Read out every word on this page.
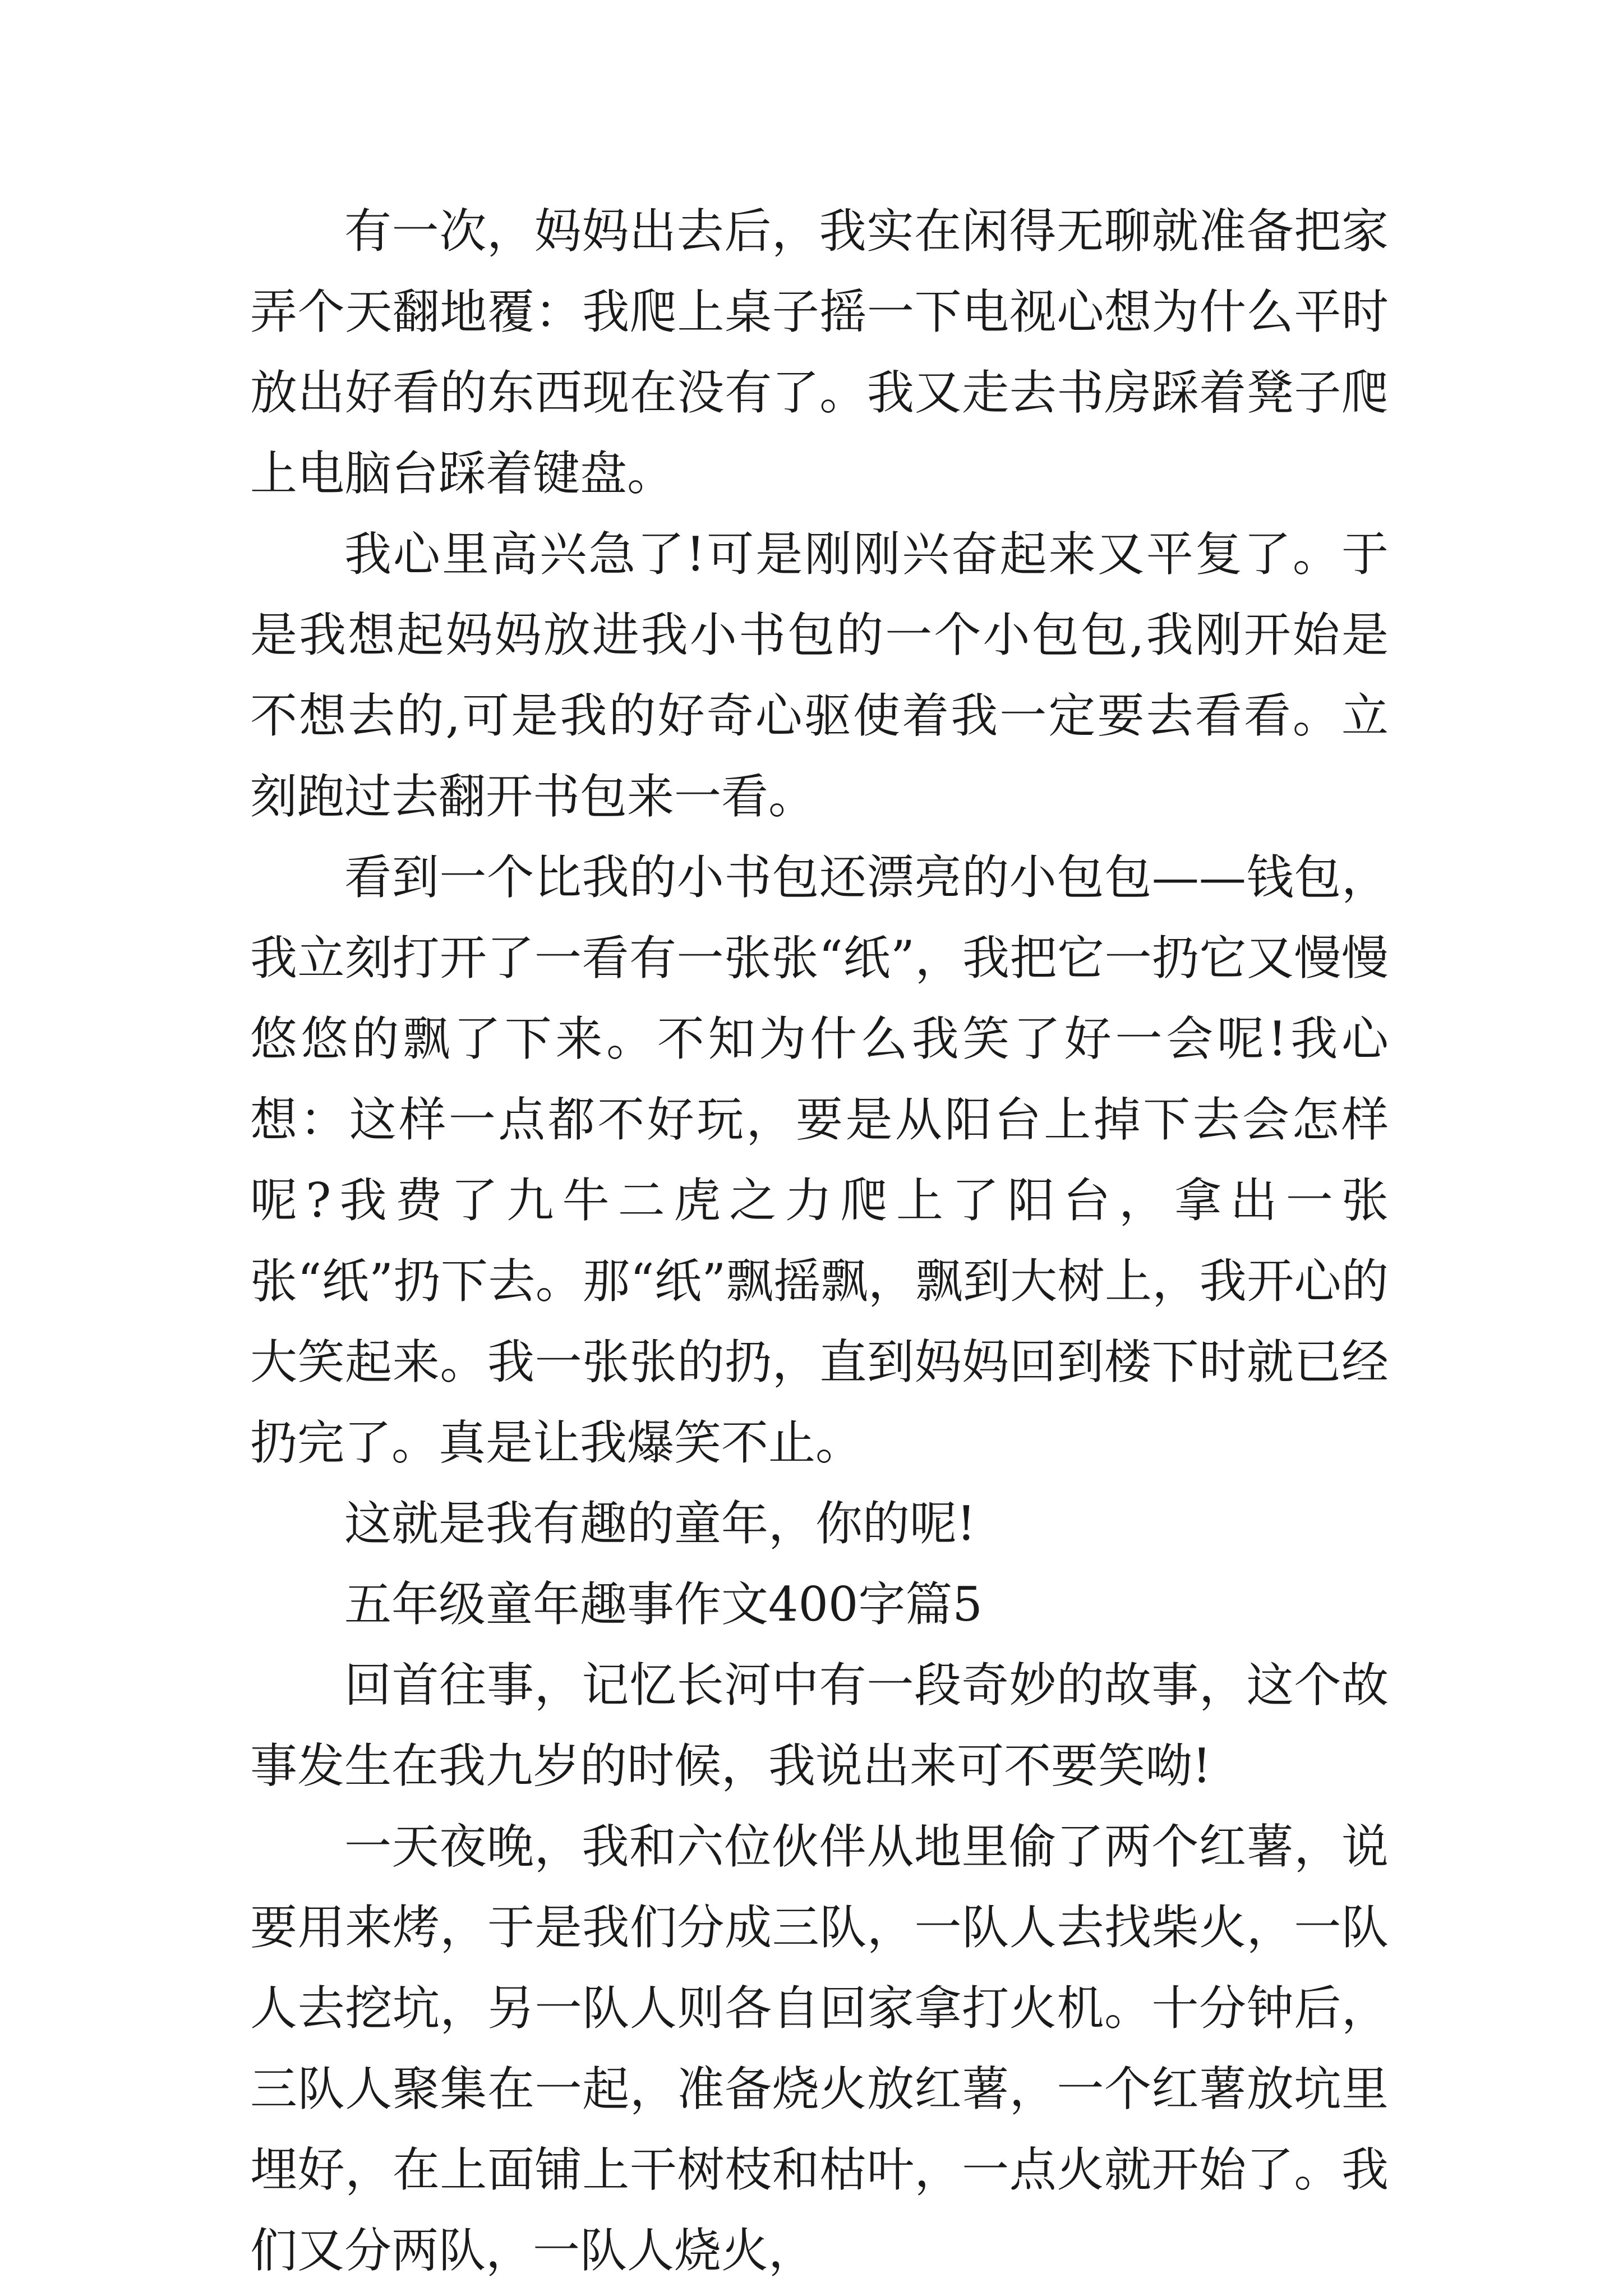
有一次，妈妈出去后，我实在闲得无聊就准备把家弄个天翻地覆：我爬上桌子摇一下电视心想为什么平时放出好看的东西现在没有了。我又走去书房踩着凳子爬上电脑台踩着键盘。

我心里高兴急了!可是刚刚兴奋起来又平复了。于是我想起妈妈放进我小书包的一个小包包,我刚开始是不想去的,可是我的好奇心驱使着我一定要去看看。立刻跑过去翻开书包来一看。

看到一个比我的小书包还漂亮的小包包——钱包，我立刻打开了一看有一张张“纸”，我把它一扔它又慢慢悠悠的飘了下来。不知为什么我笑了好一会呢!我心想：这样一点都不好玩，要是从阳台上掉下去会怎样呢?我费了九牛二虎之力爬上了阳台，拿出一张张“纸”扔下去。那“纸”飘摇飘，飘到大树上，我开心的大笑起来。我一张张的扔，直到妈妈回到楼下时就已经扔完了。真是让我爆笑不止。

这就是我有趣的童年，你的呢!

五年级童年趣事作文400字篇5

回首往事，记忆长河中有一段奇妙的故事，这个故事发生在我九岁的时候，我说出来可不要笑呦!

一天夜晚，我和六位伙伴从地里偷了两个红薯，说要用来烤，于是我们分成三队，一队人去找柴火，一队人去挖坑，另一队人则各自回家拿打火机。十分钟后，三队人聚集在一起，准备烧火放红薯，一个红薯放坑里埋好，在上面铺上干树枝和枯叶，一点火就开始了。我们又分两队，一队人烧火，
